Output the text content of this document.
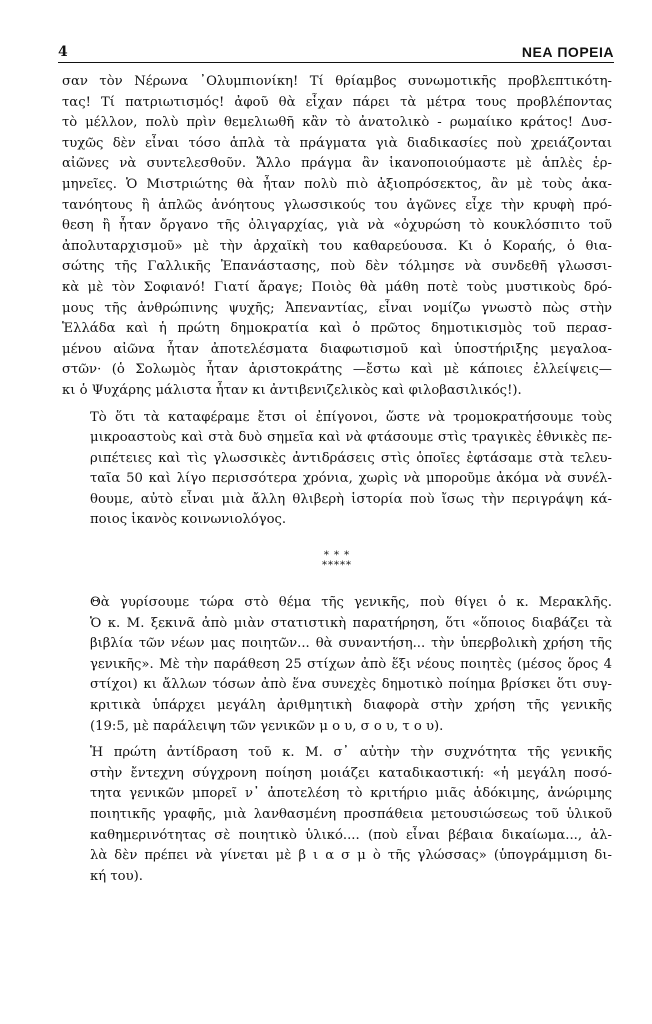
4	ΝΕΑ ΠΟΡΕΙΑ

σαν τὸν Νέρωνα ᾿Ολυμπιονίκη! Τί θρίαμβος συνωμοτικῆς προβλεπτικότη-
τας! Τί πατριωτισμός! ἀφοῦ θὰ εἶχαν πάρει τὰ μέτρα τους προβλέποντας
τὸ μέλλον, πολὺ πρὶν θεμελιωθῆ κἂν τὸ ἀνατολικὸ - ρωμαίικο κράτος! Δυσ-
τυχῶς δὲν εἶναι τόσο ἁπλὰ τὰ πράγματα γιὰ διαδικασίες ποὺ χρειάζονται
αἰῶνες νὰ συντελεσθοῦν. Ἄλλο πράγμα ἂν ἱκανοποιούμαστε μὲ ἁπλὲς ἑρ-
μηνεῖες. Ὁ Μιστριώτης θὰ ἦταν πολὺ πιὸ ἀξιοπρόσεκτος, ἂν μὲ τοὺς ἀκα-
τανόητους ἢ ἁπλῶς ἀνόητους γλωσσικούς του ἀγῶνες εἶχε τὴν κρυφὴ πρό-
θεση ἢ ἦταν ὄργανο τῆς ὀλιγαρχίας, γιὰ νὰ «ὀχυρώση τὸ κουκλόσπιτο τοῦ
ἀπολυταρχισμοῦ» μὲ τὴν ἀρχαϊκὴ του καθαρεύουσα. Κι ὁ Κοραής, ὁ θια-
σώτης τῆς Γαλλικῆς Ἐπανάστασης, ποὺ δὲν τόλμησε νὰ συνδεθῆ γλωσσι-
κὰ μὲ τὸν Σοφιανό! Γιατί ἄραγε; Ποιὸς θὰ μάθη ποτὲ τοὺς μυστικοὺς δρό-
μους τῆς ἀνθρώπινης ψυχῆς; Ἀπεναντίας, εἶναι νομίζω γνωστὸ πὼς στὴν
Ἑλλάδα καὶ ἡ πρώτη δημοκρατία καὶ ὁ πρῶτος δημοτικισμὸς τοῦ περασ-
μένου αἰῶνα ἦταν ἀποτελέσματα διαφωτισμοῦ καὶ ὑποστήριξης μεγαλοα-
στῶν· (ὁ Σολωμὸς ἦταν ἀριστοκράτης —ἔστω καὶ μὲ κάποιες ἐλλείψεις—
κι ὁ Ψυχάρης μάλιστα ἦταν κι ἀντιβενιζελικὸς καὶ φιλοβασιλικός!).

Τὸ ὅτι τὰ καταφέραμε ἔτσι οἱ ἐπίγονοι, ὥστε νὰ τρομοκρατήσουμε τοὺς
μικροαστοὺς καὶ στὰ δυὸ σημεῖα καὶ νὰ φτάσουμε στὶς τραγικὲς ἐθνικὲς πε-
ριπέτειες καὶ τὶς γλωσσικὲς ἀντιδράσεις στὶς ὁποῖες ἐφτάσαμε στὰ τελευ-
ταῖα 50 καὶ λίγο περισσότερα χρόνια, χωρὶς νὰ μποροῦμε ἀκόμα νὰ συνέλ-
θουμε, αὐτὸ εἶναι μιὰ ἄλλη θλιβερὴ ἱστορία ποὺ ἴσως τὴν περιγράψη κά-
ποιος ἱκανὸς κοινωνιολόγος.

* * *
*****

Θὰ γυρίσουμε τώρα στὸ θέμα τῆς γενικῆς, ποὺ θίγει ὁ κ. Μερακλῆς.
Ὁ κ. Μ. ξεκινᾶ ἀπὸ μιὰν στατιστικὴ παρατήρηση, ὅτι «ὅποιος διαβάζει τὰ
βιβλία τῶν νέων μας ποιητῶν... θὰ συναντήση... τὴν ὑπερβολικὴ χρήση τῆς
γενικῆς». Μὲ τὴν παράθεση 25 στίχων ἀπὸ ἕξι νέους ποιητὲς (μέσος ὅρος 4
στίχοι) κι ἄλλων τόσων ἀπὸ ἕνα συνεχὲς δημοτικὸ ποίημα βρίσκει ὅτι συγ-
κριτικὰ ὑπάρχει μεγάλη ἀριθμητικὴ διαφορὰ στὴν χρήση τῆς γενικῆς
(19:5, μὲ παράλειψη τῶν γενικῶν μ ο υ, σ ο υ, τ ο υ).

Ἡ πρώτη ἀντίδραση τοῦ κ. Μ. σ᾿ αὐτὴν τὴν συχνότητα τῆς γενικῆς
στὴν ἔντεχνη σύγχρονη ποίηση μοιάζει καταδικαστική: «ἡ μεγάλη ποσό-
τητα γενικῶν μπορεῖ ν᾿ ἀποτελέση τὸ κριτήριο μιᾶς ἀδόκιμης, ἀνώριμης
ποιητικῆς γραφῆς, μιὰ λανθασμένη προσπάθεια μετουσιώσεως τοῦ ὑλικοῦ
καθημερινότητας σὲ ποιητικὸ ὑλικό.... (ποὺ εἶναι βέβαια δικαίωμα..., ἀλ-
λὰ δὲν πρέπει νὰ γίνεται μὲ β ι α σ μ ὸ τῆς γλώσσας» (ὑπογράμμιση δι-
κή του).
